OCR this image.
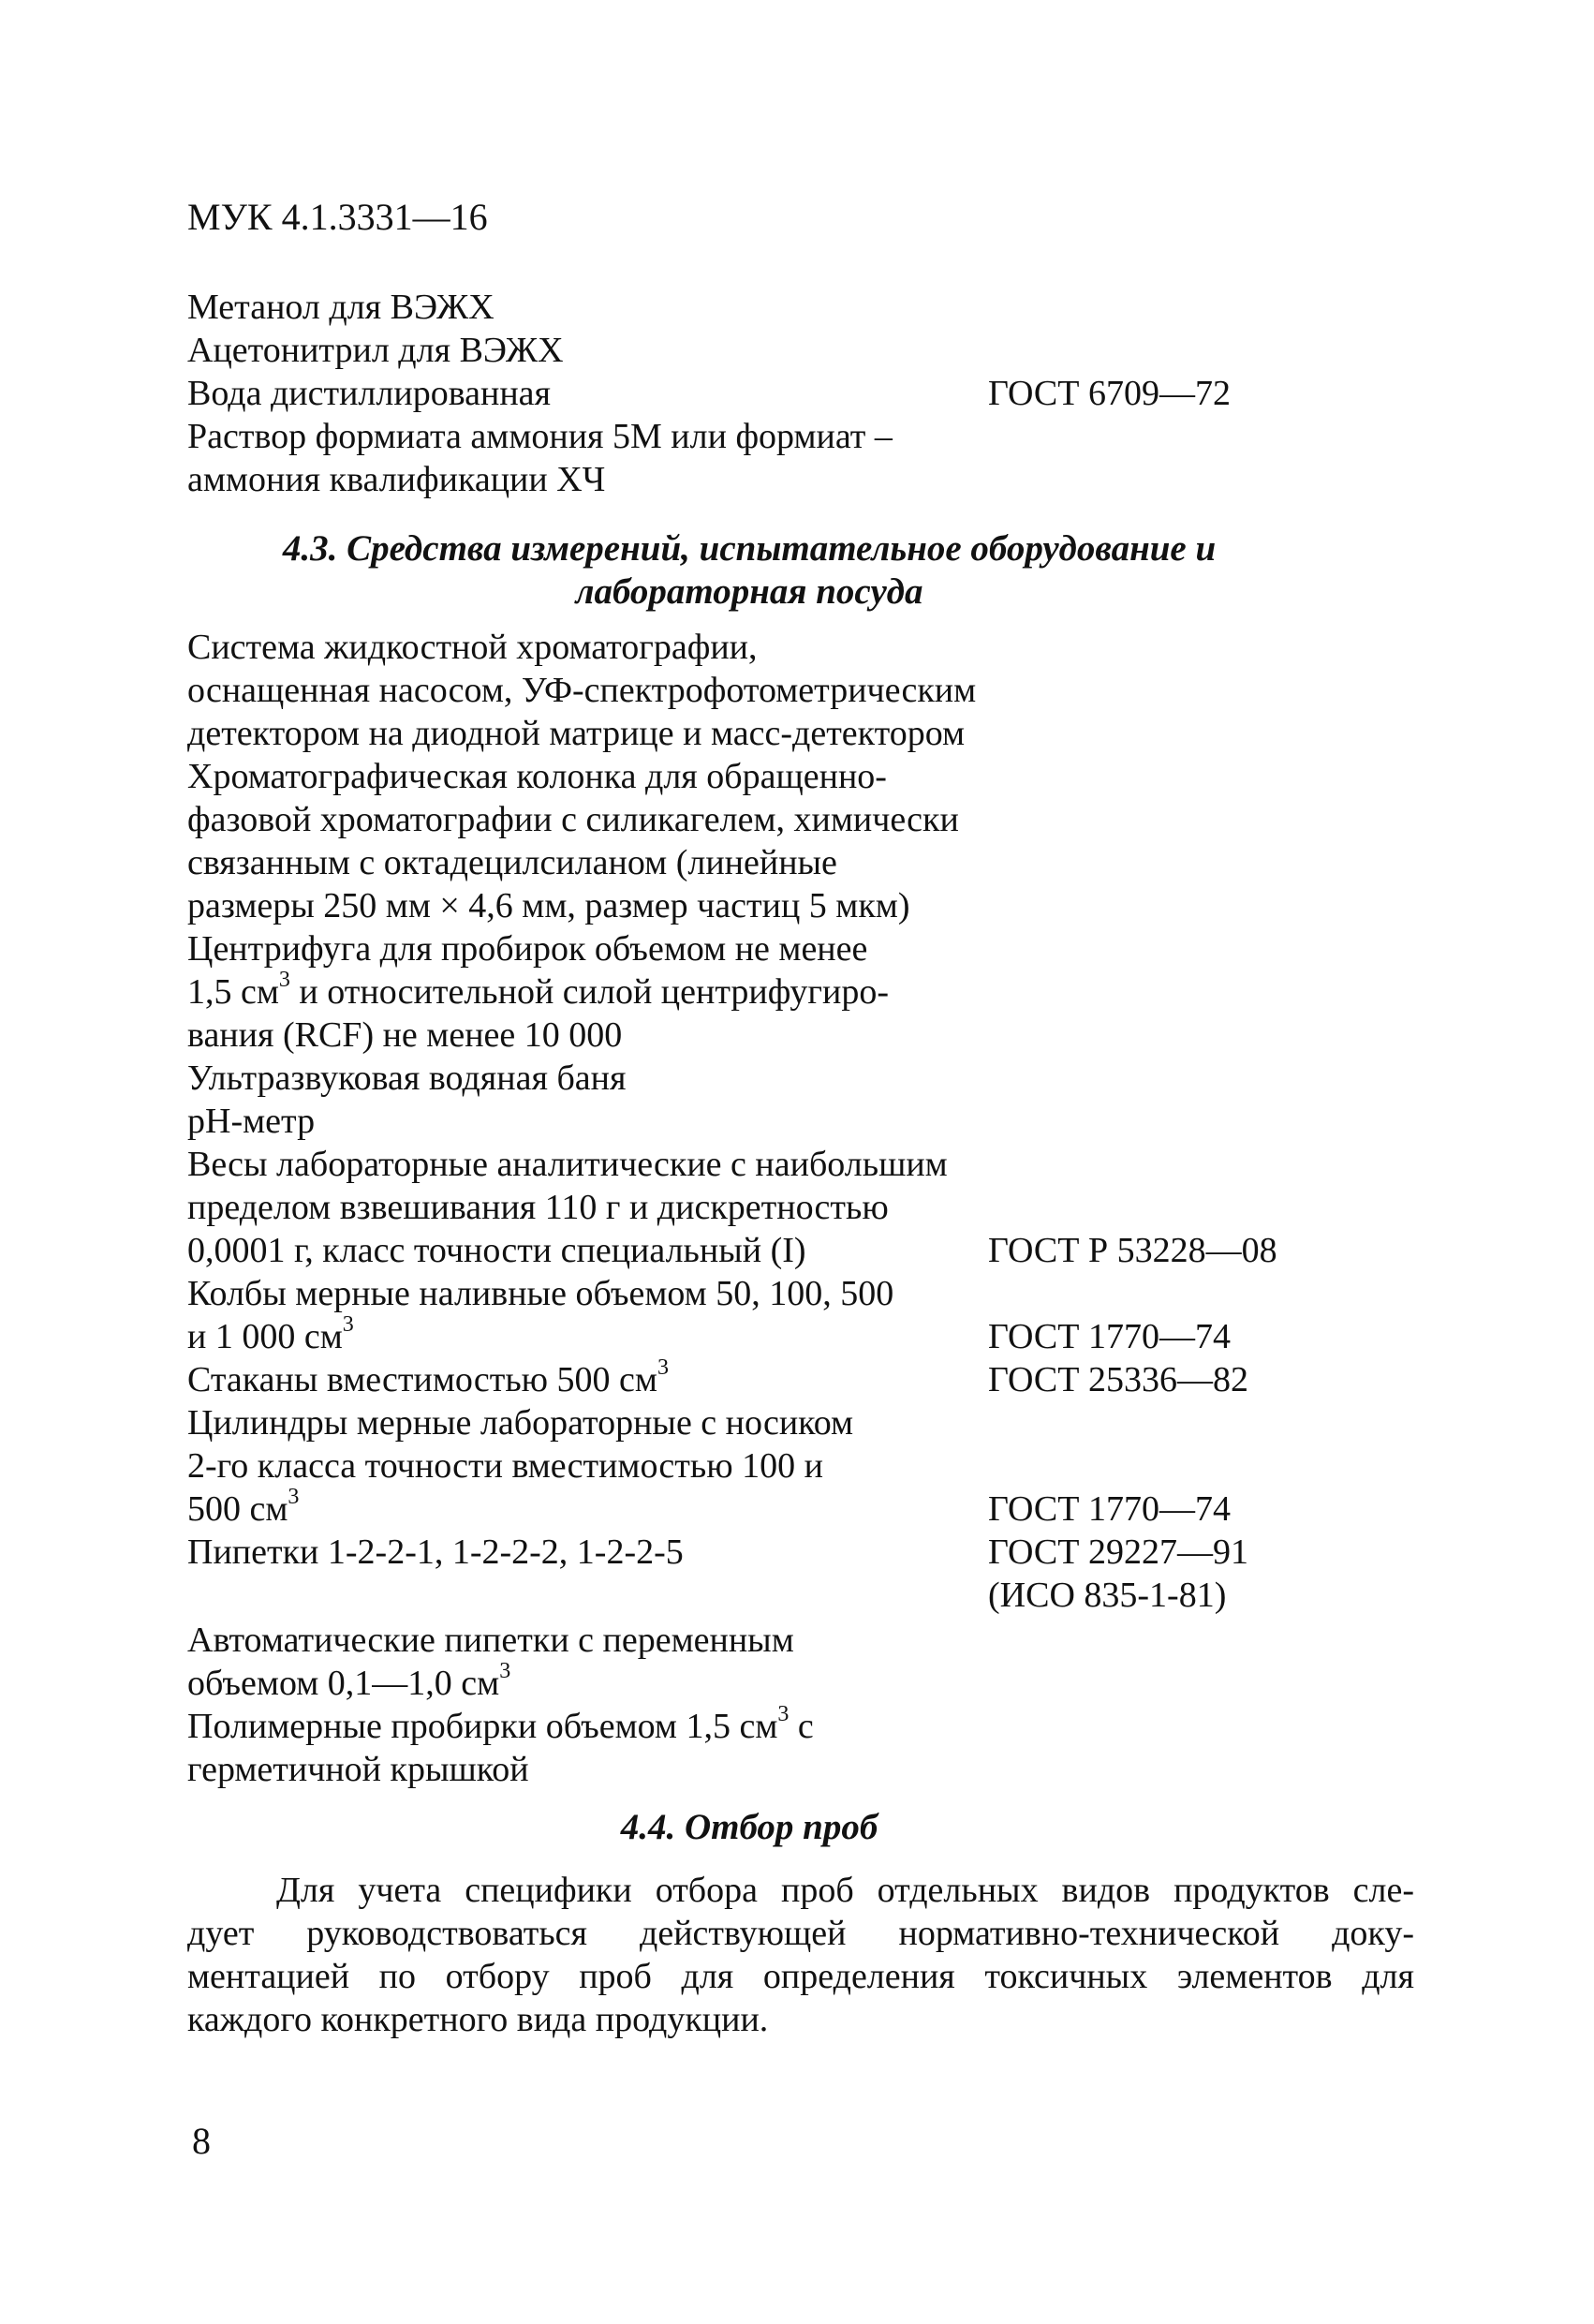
МУК 4.1.3331—16
Метанол для ВЭЖХ
Ацетонитрил для ВЭЖХ
Вода дистиллированная	ГОСТ 6709—72
Раствор формиата аммония 5М или формиат –
аммония квалификации ХЧ
4.3. Средства измерений, испытательное оборудование и
лабораторная посуда
Система жидкостной хроматографии,
оснащенная насосом, УФ-спектрофотометрическим
детектором на диодной матрице и масс-детектором
Хроматографическая колонка для обращенно-
фазовой хроматографии с силикагелем, химически
связанным с октадецилсиланом (линейные
размеры 250 мм × 4,6 мм, размер частиц 5 мкм)
Центрифуга для пробирок объемом не менее
1,5 $см^3$ и относительной силой центрифугиро-
вания (RCF) не менее 10 000
Ультразвуковая водяная баня
рН-метр
Весы лабораторные аналитические с наибольшим
пределом взвешивания 110 г и дискретностью
0,0001 г, класс точности специальный (I)	ГОСТ Р 53228—08
Колбы мерные наливные объемом 50, 100, 500
и 1 000 $см^3$	ГОСТ 1770—74
Стаканы вместимостью 500 $см^3$	ГОСТ 25336—82
Цилиндры мерные лабораторные с носиком
2-го класса точности вместимостью 100 и
500 $см^3$	ГОСТ 1770—74
Пипетки 1-2-2-1, 1-2-2-2, 1-2-2-5	ГОСТ 29227—91
(ИСО 835-1-81)
Автоматические пипетки с переменным
объемом 0,1—1,0 $см^3$
Полимерные пробирки объемом 1,5 $см^3$ с
герметичной крышкой
4.4. Отбор проб
Для учета специфики отбора проб отдельных видов продуктов сле-
дует руководствоваться действующей нормативно-технической доку-
ментацией по отбору проб для определения токсичных элементов для
каждого конкретного вида продукции.
8
